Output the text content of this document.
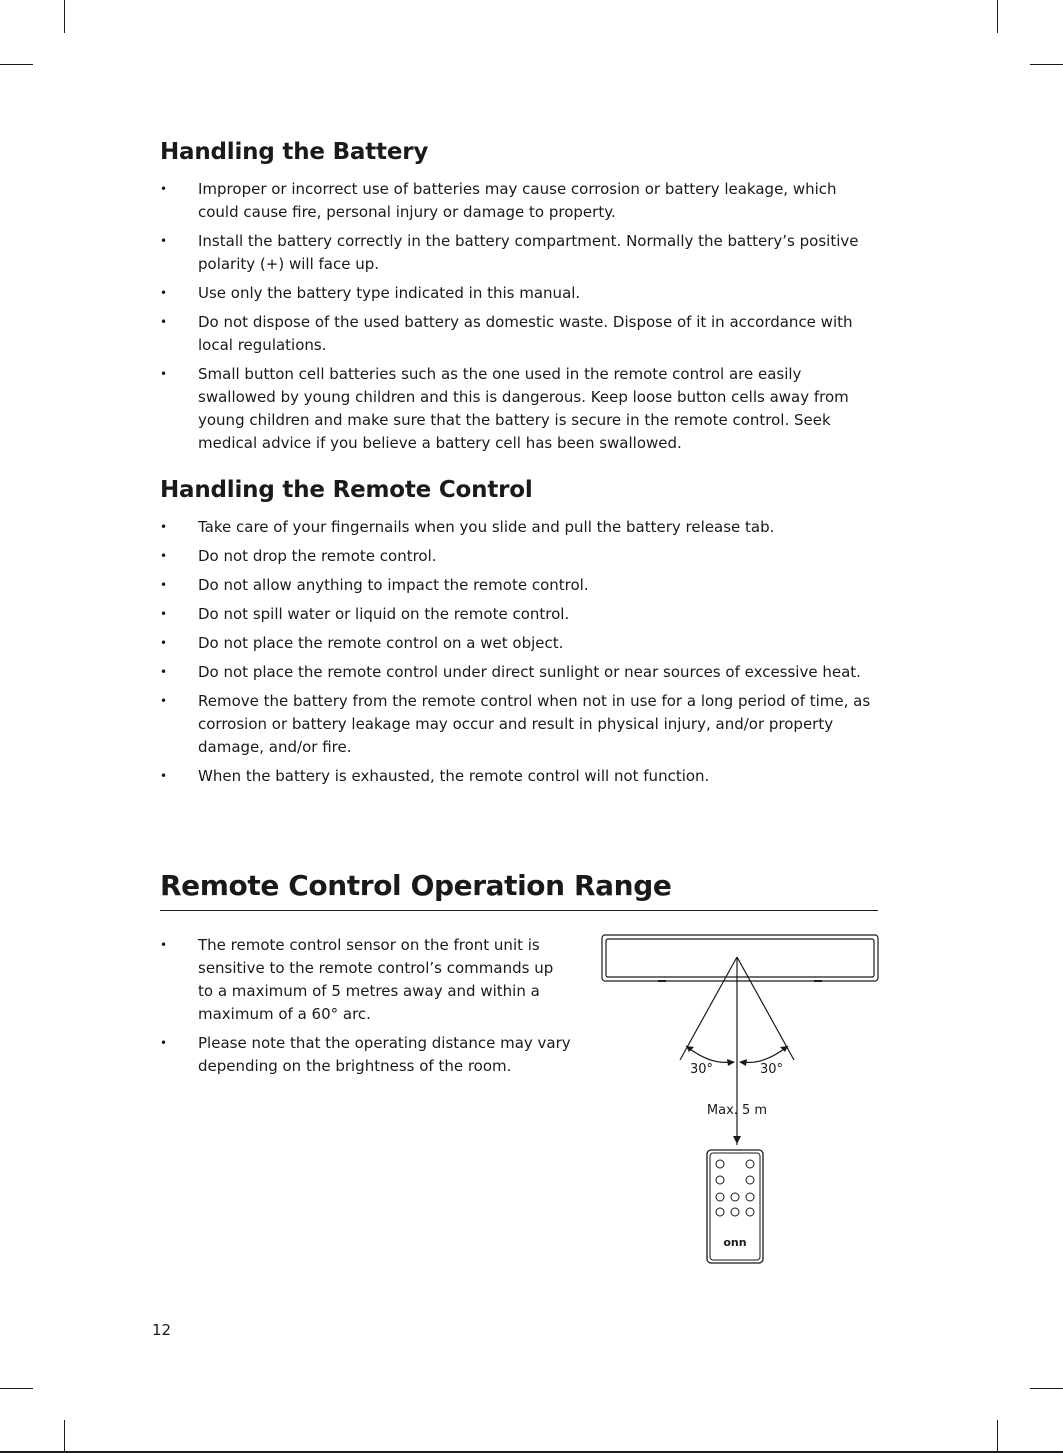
Handling the Battery
• Improper or incorrect use of batteries may cause corrosion or battery leakage, which could cause fire, personal injury or damage to property.
• Install the battery correctly in the battery compartment. Normally the battery’s positive polarity (+) will face up.
• Use only the battery type indicated in this manual.
• Do not dispose of the used battery as domestic waste. Dispose of it in accordance with local regulations.
• Small button cell batteries such as the one used in the remote control are easily swallowed by young children and this is dangerous. Keep loose button cells away from young children and make sure that the battery is secure in the remote control. Seek medical advice if you believe a battery cell has been swallowed.
Handling the Remote Control
• Take care of your fingernails when you slide and pull the battery release tab.
• Do not drop the remote control.
• Do not allow anything to impact the remote control.
• Do not spill water or liquid on the remote control.
• Do not place the remote control on a wet object.
• Do not place the remote control under direct sunlight or near sources of excessive heat.
• Remove the battery from the remote control when not in use for a long period of time, as corrosion or battery leakage may occur and result in physical injury, and/or property damage, and/or fire.
• When the battery is exhausted, the remote control will not function.
Remote Control Operation Range
• The remote control sensor on the front unit is sensitive to the remote control’s commands up to a maximum of 5 metres away and within a maximum of a 60° arc.
• Please note that the operating distance may vary depending on the brightness of the room.	30°	30°
Max. 5 m
onn
12
